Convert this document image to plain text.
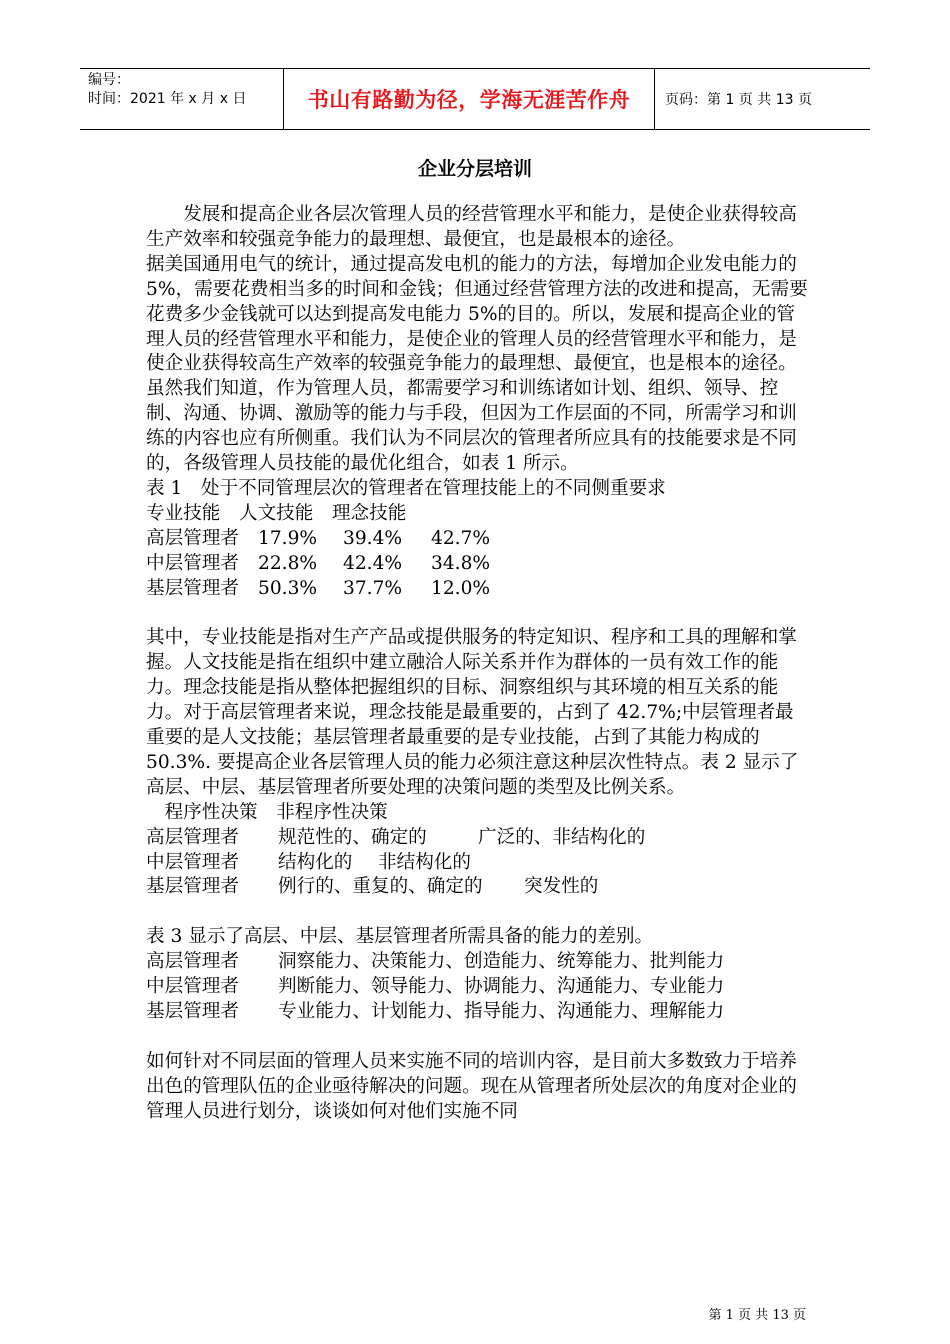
编号：
时间：2021 年 x 月 x 日	书山有路勤为径，学海无涯苦作舟	页码：第 1 页 共 13 页
企业分层培训

发展和提高企业各层次管理人员的经营管理水平和能力，是使企业获得较高生产效率和较强竞争能力的最理想、最便宜，也是最根本的途径。

据美国通用电气的统计，通过提高发电机的能力的方法，每增加企业发电能力的 5%，需要花费相当多的时间和金钱；但通过经营管理方法的改进和提高，无需要花费多少金钱就可以达到提高发电能力 5%的目的。所以，发展和提高企业的管理人员的经营管理水平和能力，是使企业的管理人员的经营管理水平和能力，是使企业获得较高生产效率的较强竞争能力的最理想、最便宜，也是根本的途径。　　虽然我们知道，作为管理人员，都需要学习和训练诸如计划、组织、领导、控制、沟通、协调、激励等的能力与手段，但因为工作层面的不同，所需学习和训练的内容也应有所侧重。我们认为不同层次的管理者所应具有的技能要求是不同的，各级管理人员技能的最优化组合，如表 1 所示。

表 1　处于不同管理层次的管理者在管理技能上的不同侧重要求

专业技能　人文技能　理念技能

高层管理者 17.9% 39.4% 42.7%
中层管理者 22.8% 42.4% 34.8%
基层管理者 50.3% 37.7% 12.0%

其中，专业技能是指对生产产品或提供服务的特定知识、程序和工具的理解和掌握。人文技能是指在组织中建立融洽人际关系并作为群体的一员有效工作的能力。理念技能是指从整体把握组织的目标、洞察组织与其环境的相互关系的能力。对于高层管理者来说，理念技能是最重要的，占到了 42.7%;中层管理者最重要的是人文技能；基层管理者最重要的是专业技能，占到了其能力构成的 50.3%. 要提高企业各层管理人员的能力必须注意这种层次性特点。表 2 显示了高层、中层、基层管理者所要处理的决策问题的类型及比例关系。

　程序性决策　非程序性决策

高层管理者 规范性的、确定的	广泛的、非结构化的
中层管理者 结构化的 非结构化的
基层管理者 例行的、重复的、确定的 突发性的

表 3 显示了高层、中层、基层管理者所需具备的能力的差别。

高层管理者 洞察能力、决策能力、创造能力、统筹能力、批判能力
中层管理者 判断能力、领导能力、协调能力、沟通能力、专业能力
基层管理者 专业能力、计划能力、指导能力、沟通能力、理解能力

如何针对不同层面的管理人员来实施不同的培训内容，是目前大多数致力于培养出色的管理队伍的企业亟待解决的问题。现在从管理者所处层次的角度对企业的管理人员进行划分，谈谈如何对他们实施不同

第 1 页 共 13 页
